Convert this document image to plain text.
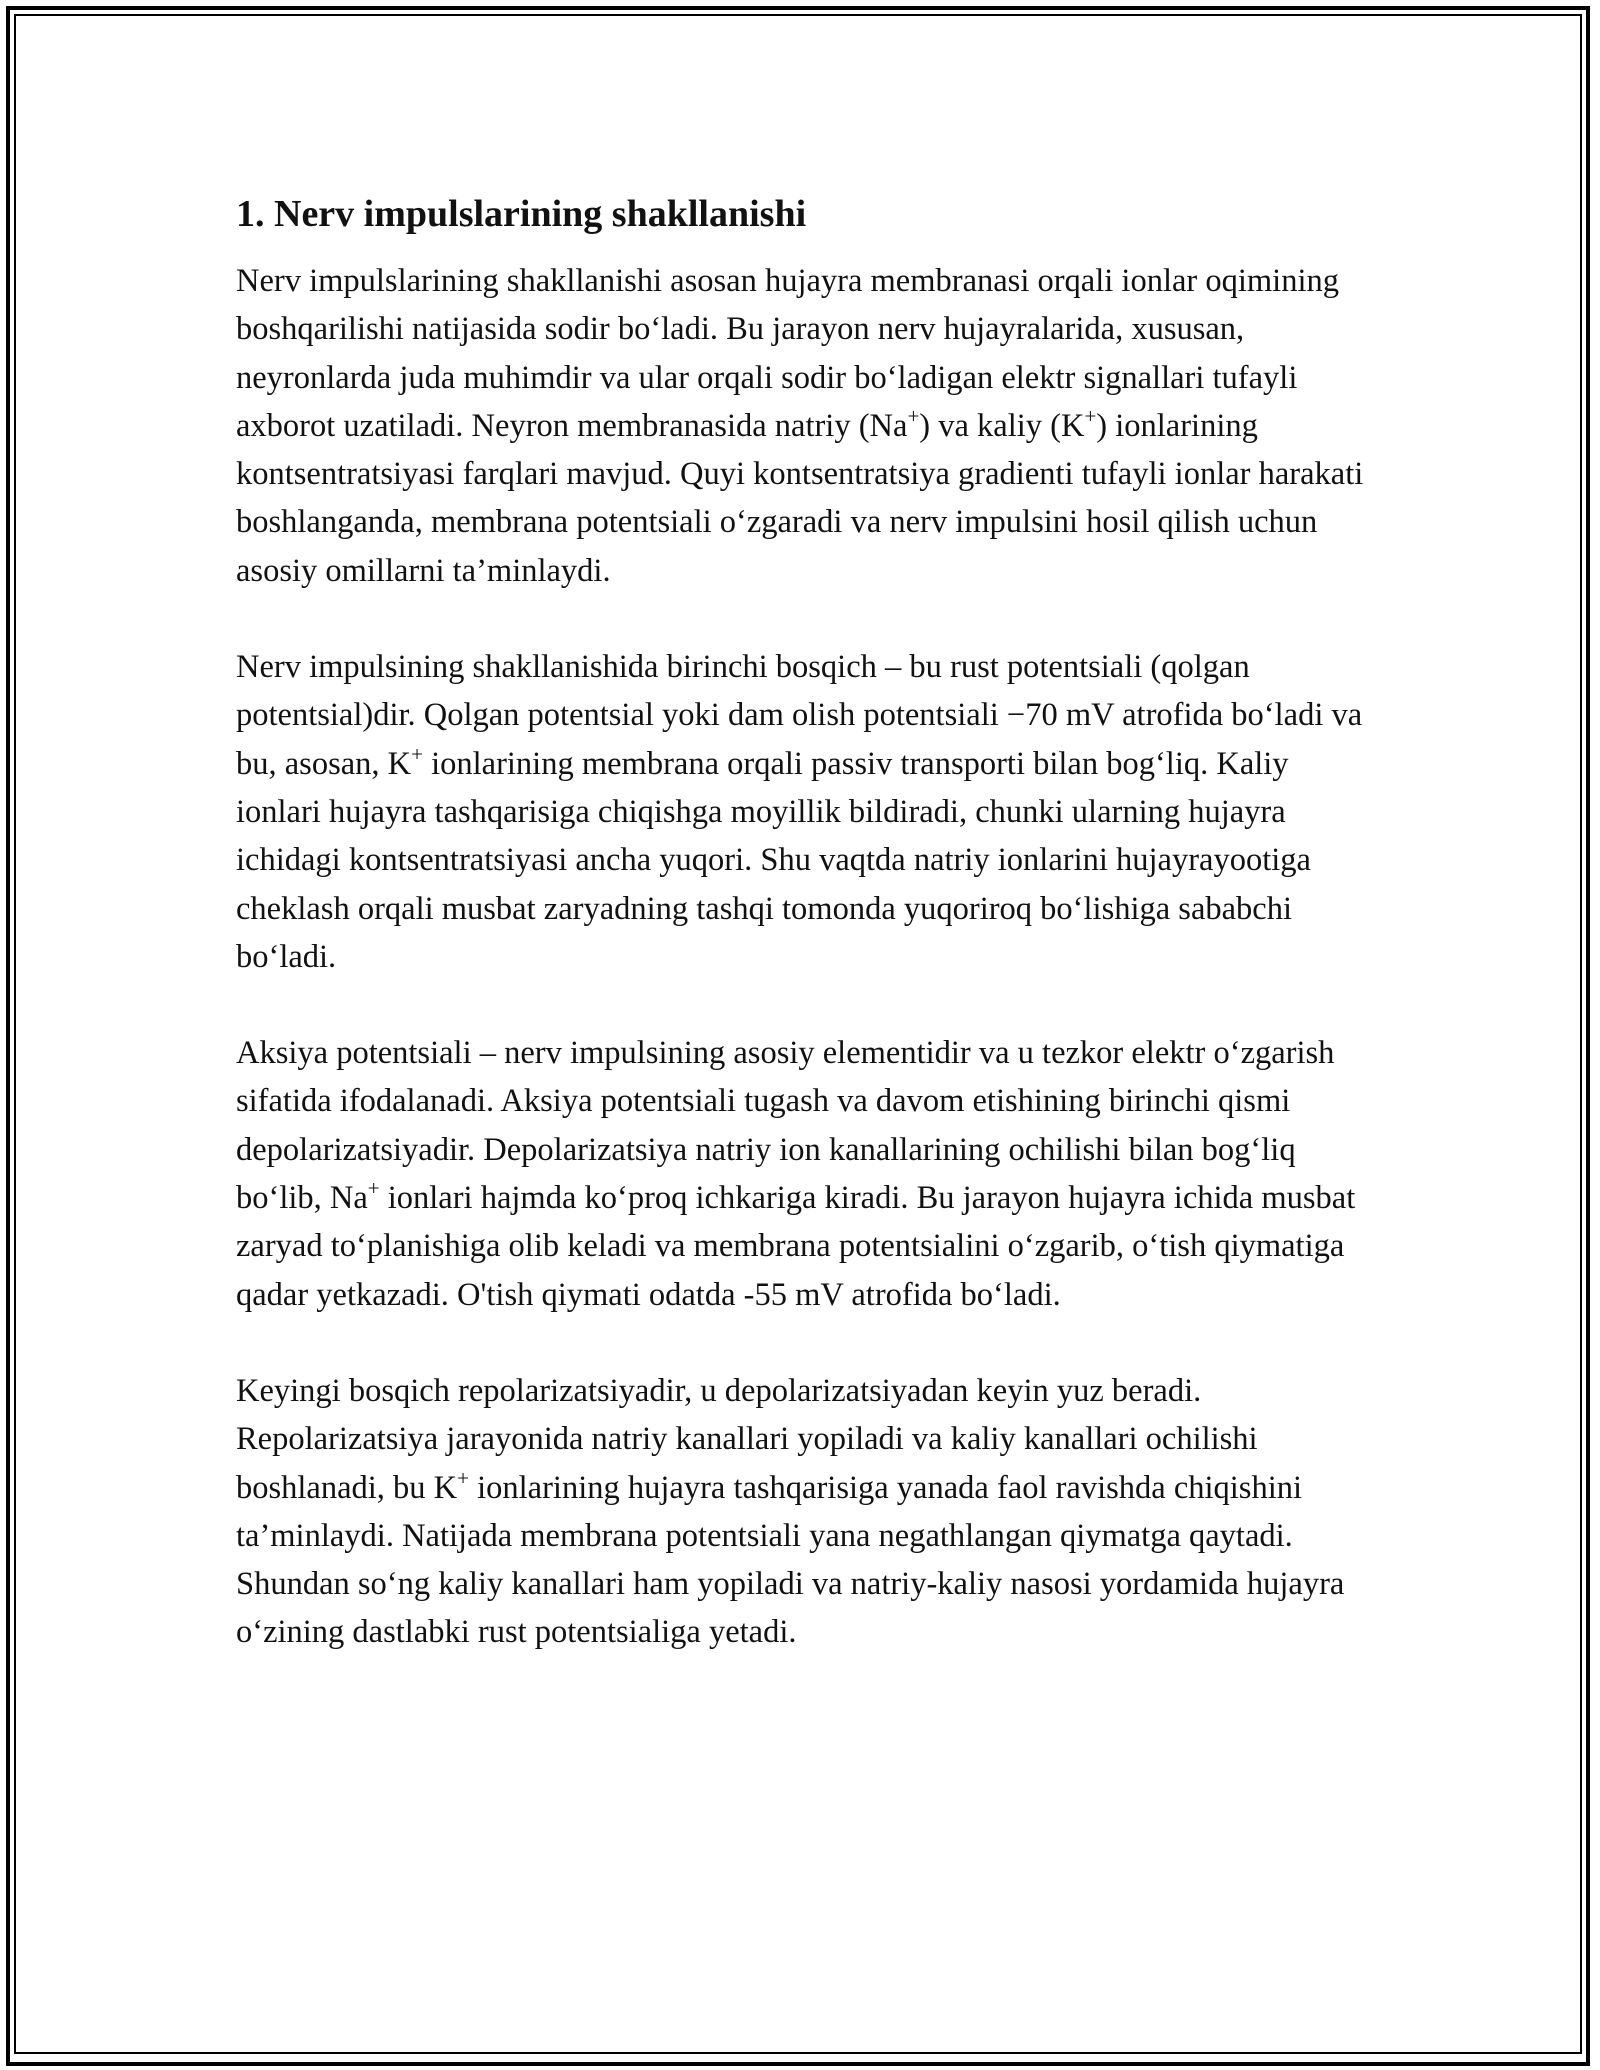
1. Nerv impulslarining shakllanishi

Nerv impulslarining shakllanishi asosan hujayra membranasi orqali ionlar oqimining boshqarilishi natijasida sodir bo‘ladi. Bu jarayon nerv hujayralarida, xususan, neyronlarda juda muhimdir va ular orqali sodir bo‘ladigan elektr signallari tufayli axborot uzatiladi. Neyron membranasida natriy (Na+) va kaliy (K+) ionlarining kontsentratsiyasi farqlari mavjud. Quyi kontsentratsiya gradienti tufayli ionlar harakati boshlanganda, membrana potentsiali o‘zgaradi va nerv impulsini hosil qilish uchun asosiy omillarni ta’minlaydi.

Nerv impulsining shakllanishida birinchi bosqich – bu rust potentsiali (qolgan potentsial)dir. Qolgan potentsial yoki dam olish potentsiali −70 mV atrofida bo‘ladi va bu, asosan, K+ ionlarining membrana orqali passiv transporti bilan bog‘liq. Kaliy ionlari hujayra tashqarisiga chiqishga moyillik bildiradi, chunki ularning hujayra ichidagi kontsentratsiyasi ancha yuqori. Shu vaqtda natriy ionlarini hujayrayootiga cheklash orqali musbat zaryadning tashqi tomonda yuqoriroq bo‘lishiga sababchi bo‘ladi.

Aksiya potentsiali – nerv impulsining asosiy elementidir va u tezkor elektr o‘zgarish sifatida ifodalanadi. Aksiya potentsiali tugash va davom etishining birinchi qismi depolarizatsiyadir. Depolarizatsiya natriy ion kanallarining ochilishi bilan bog‘liq bo‘lib, Na+ ionlari hajmda ko‘proq ichkariga kiradi. Bu jarayon hujayra ichida musbat zaryad to‘planishiga olib keladi va membrana potentsialini o‘zgarib, o‘tish qiymatiga qadar yetkazadi. O'tish qiymati odatda -55 mV atrofida bo‘ladi.

Keyingi bosqich repolarizatsiyadir, u depolarizatsiyadan keyin yuz beradi. Repolarizatsiya jarayonida natriy kanallari yopiladi va kaliy kanallari ochilishi boshlanadi, bu K+ ionlarining hujayra tashqarisiga yanada faol ravishda chiqishini ta’minlaydi. Natijada membrana potentsiali yana negathlangan qiymatga qaytadi. Shundan so‘ng kaliy kanallari ham yopiladi va natriy-kaliy nasosi yordamida hujayra o‘zining dastlabki rust potentsialiga yetadi.
